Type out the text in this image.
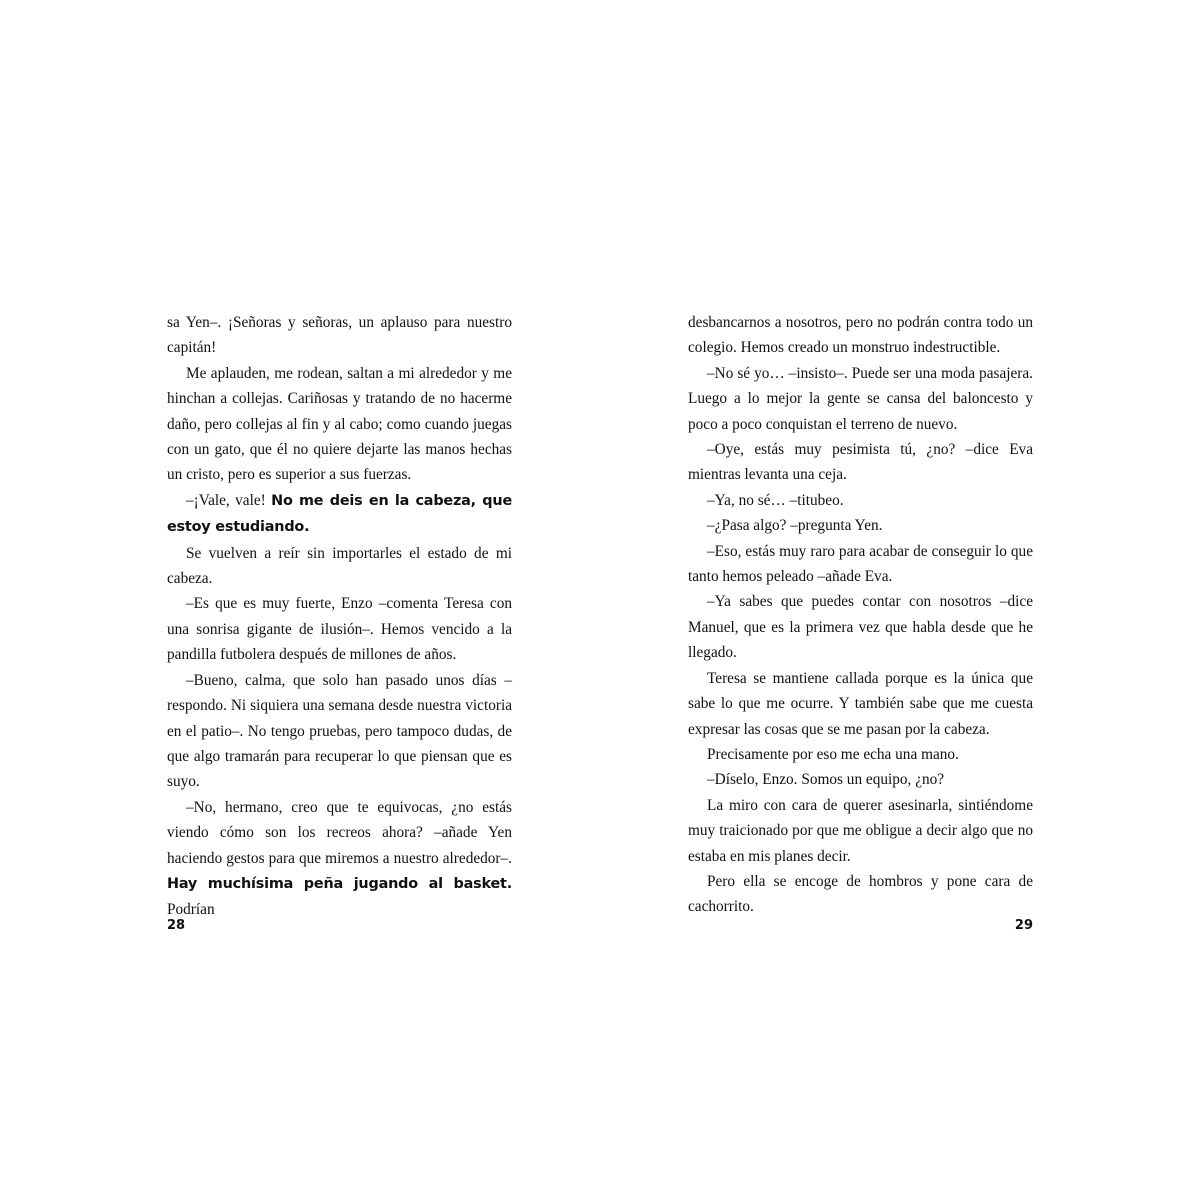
sa Yen–. ¡Señoras y señoras, un aplauso para nuestro capitán!

Me aplauden, me rodean, saltan a mi alrededor y me hinchan a collejas. Cariñosas y tratando de no hacerme daño, pero collejas al fin y al cabo; como cuando juegas con un gato, que él no quiere dejarte las manos hechas un cristo, pero es superior a sus fuerzas.

–¡Vale, vale! No me deis en la cabeza, que estoy estudiando.

Se vuelven a reír sin importarles el estado de mi cabeza.

–Es que es muy fuerte, Enzo –comenta Teresa con una sonrisa gigante de ilusión–. Hemos vencido a la pandilla futbolera después de millones de años.

–Bueno, calma, que solo han pasado unos días –respondo. Ni siquiera una semana desde nuestra victoria en el patio–. No tengo pruebas, pero tampoco dudas, de que algo tramarán para recuperar lo que piensan que es suyo.

–No, hermano, creo que te equivocas, ¿no estás viendo cómo son los recreos ahora? –añade Yen haciendo gestos para que miremos a nuestro alrededor–. Hay muchísima peña jugando al basket. Podrían

28

desbancarnos a nosotros, pero no podrán contra todo un colegio. Hemos creado un monstruo indestructible.

–No sé yo… –insisto–. Puede ser una moda pasajera. Luego a lo mejor la gente se cansa del baloncesto y poco a poco conquistan el terreno de nuevo.

–Oye, estás muy pesimista tú, ¿no? –dice Eva mientras levanta una ceja.

–Ya, no sé… –titubeo.

–¿Pasa algo? –pregunta Yen.

–Eso, estás muy raro para acabar de conseguir lo que tanto hemos peleado –añade Eva.

–Ya sabes que puedes contar con nosotros –dice Manuel, que es la primera vez que habla desde que he llegado.

Teresa se mantiene callada porque es la única que sabe lo que me ocurre. Y también sabe que me cuesta expresar las cosas que se me pasan por la cabeza.

Precisamente por eso me echa una mano.

–Díselo, Enzo. Somos un equipo, ¿no?

La miro con cara de querer asesinarla, sintiéndome muy traicionado por que me obligue a decir algo que no estaba en mis planes decir.

Pero ella se encoge de hombros y pone cara de cachorrito.

29
